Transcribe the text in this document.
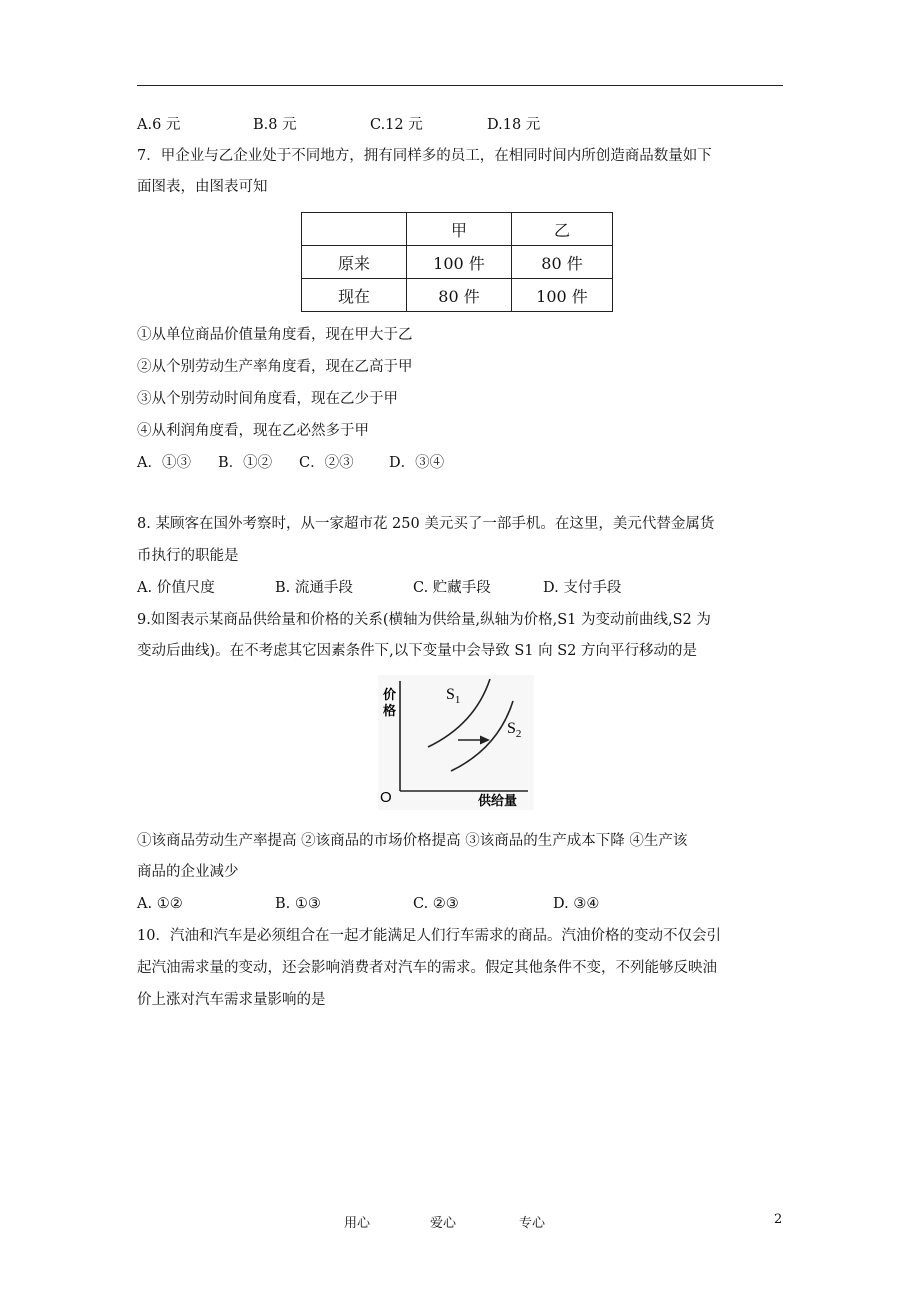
A.6 元	B.8 元	C.12 元	D.18 元
7．甲企业与乙企业处于不同地方，拥有同样多的员工，在相同时间内所创造商品数量如下
面图表，由图表可知
	甲	乙
原来	100 件	80 件
现在	80 件	100 件
①从单位商品价值量角度看，现在甲大于乙
②从个别劳动生产率角度看，现在乙高于甲
③从个别劳动时间角度看，现在乙少于甲
④从利润角度看，现在乙必然多于甲
A．①③ B．①② C．②③ D．③④
8. 某顾客在国外考察时，从一家超市花 250 美元买了一部手机。在这里，美元代替金属货
币执行的职能是
A. 价值尺度	B. 流通手段	C. 贮藏手段	D. 支付手段
9.如图表示某商品供给量和价格的关系(横轴为供给量,纵轴为价格,S1 为变动前曲线,S2 为
变动后曲线)。在不考虑其它因素条件下,以下变量中会导致 S1 向 S2 方向平行移动的是
价 格
O	供给量
$S_1$
$S_2$
①该商品劳动生产率提高 ②该商品的市场价格提高 ③该商品的生产成本下降 ④生产该
商品的企业减少
A. ①②	B. ①③	C. ②③	D. ③④
10．汽油和汽车是必须组合在一起才能满足人们行车需求的商品。汽油价格的变动不仅会引
起汽油需求量的变动，还会影响消费者对汽车的需求。假定其他条件不变，不列能够反映油
价上涨对汽车需求量影响的是
用心	爱心	专心	2
